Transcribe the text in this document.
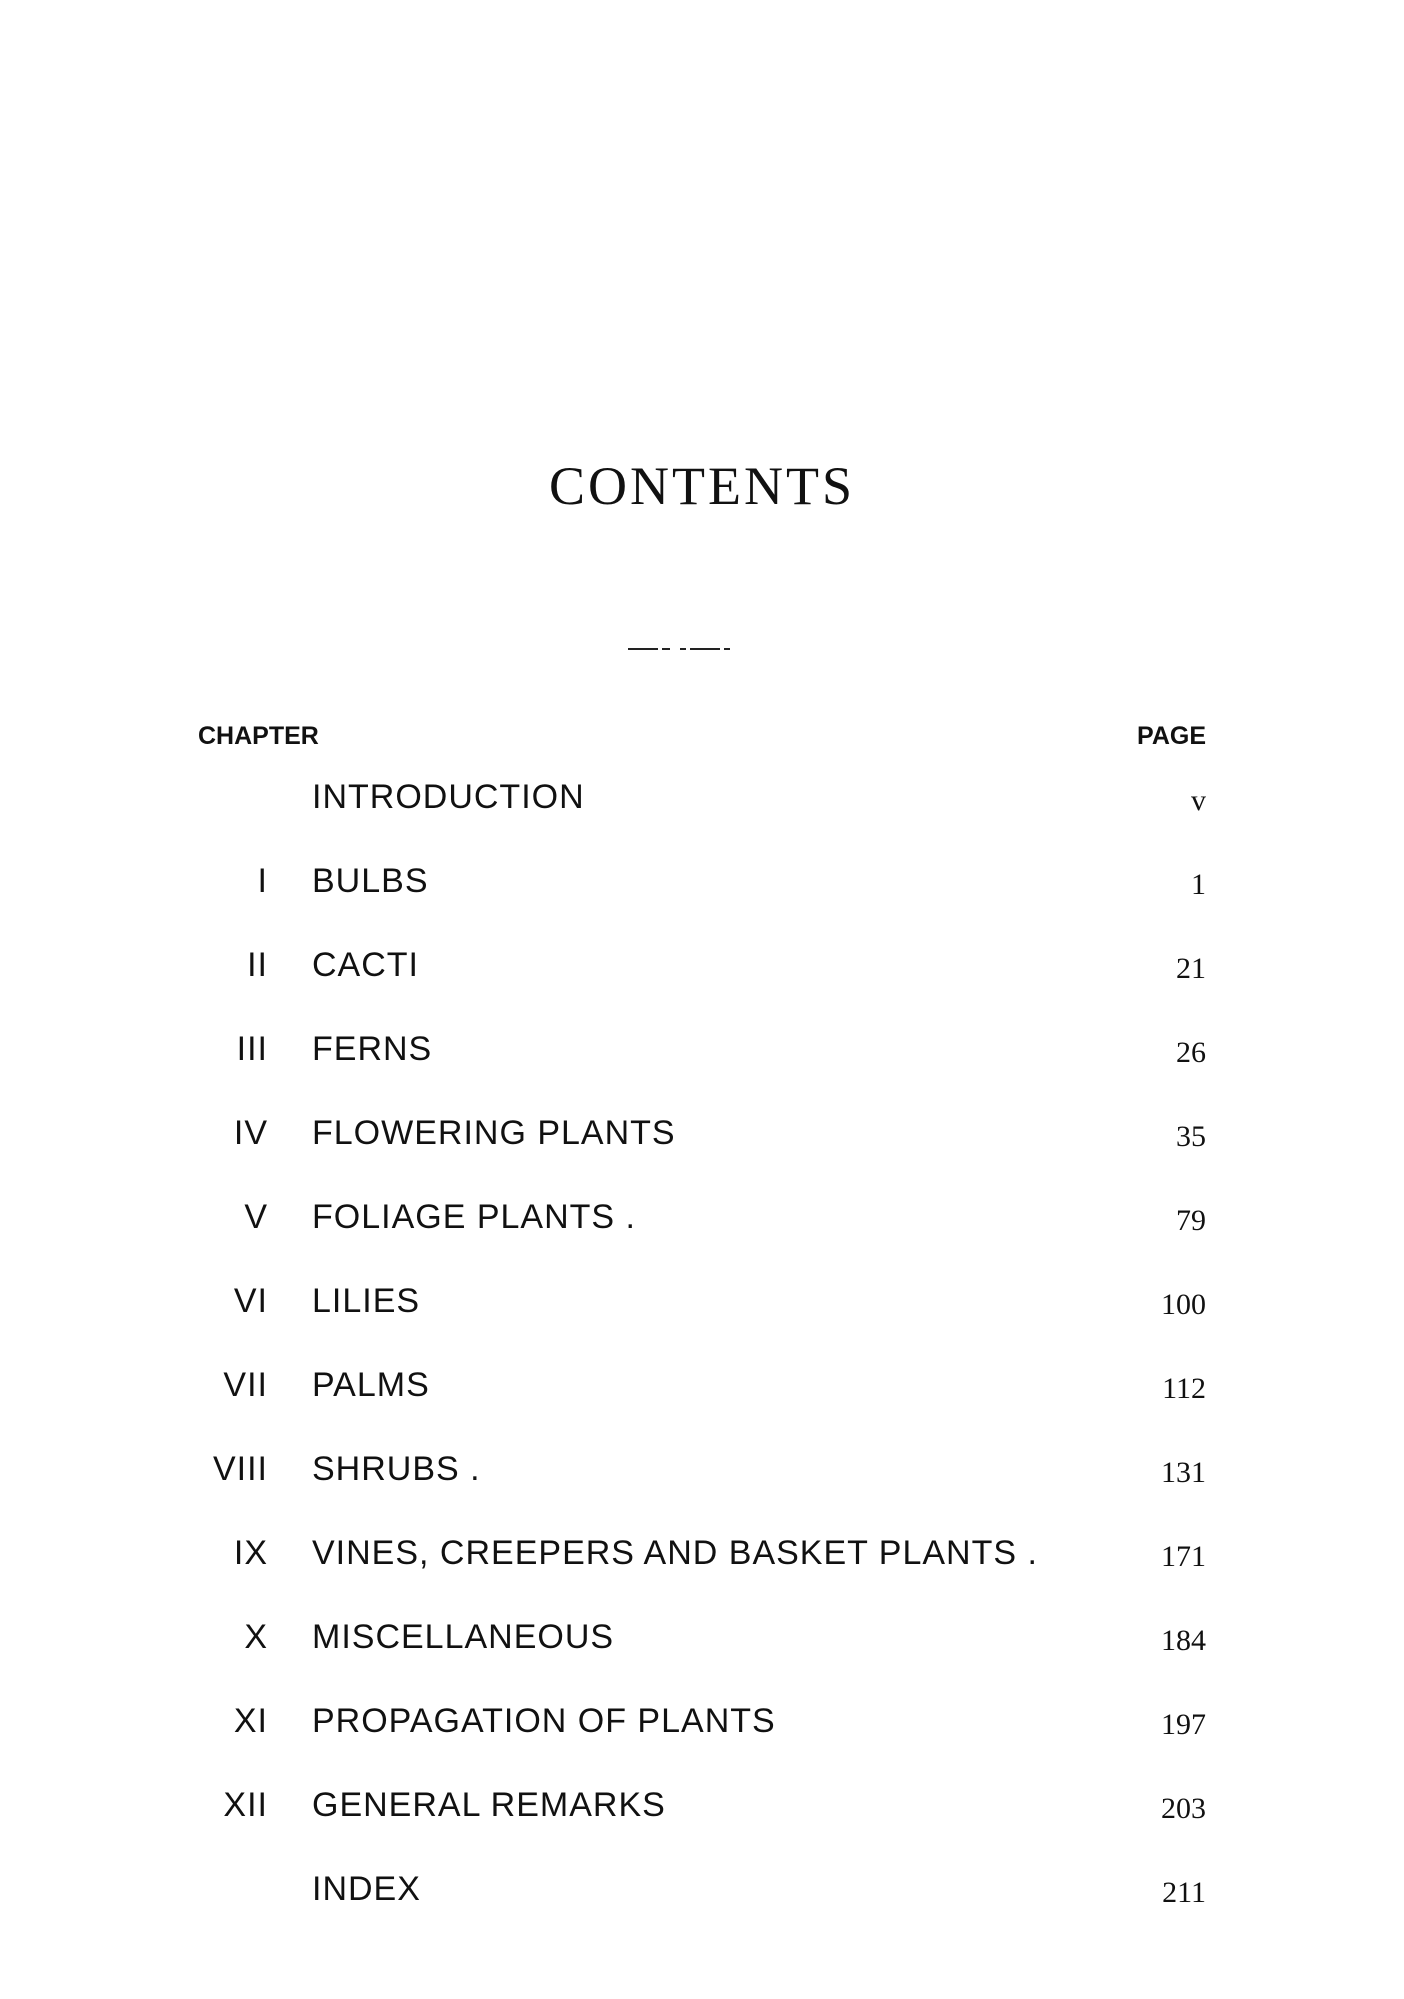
CONTENTS
CHAPTER	PAGE
INTRODUCTION	v
I BULBS	1
II CACTI	21
III FERNS	26
IV FLOWERING PLANTS	35
V FOLIAGE PLANTS .	79
VI LILIES	100
VII PALMS	112
VIII SHRUBS .	131
IX VINES, CREEPERS AND BASKET PLANTS .	171
X MISCELLANEOUS	184
XI PROPAGATION OF PLANTS	197
XII GENERAL REMARKS	203
INDEX	211
